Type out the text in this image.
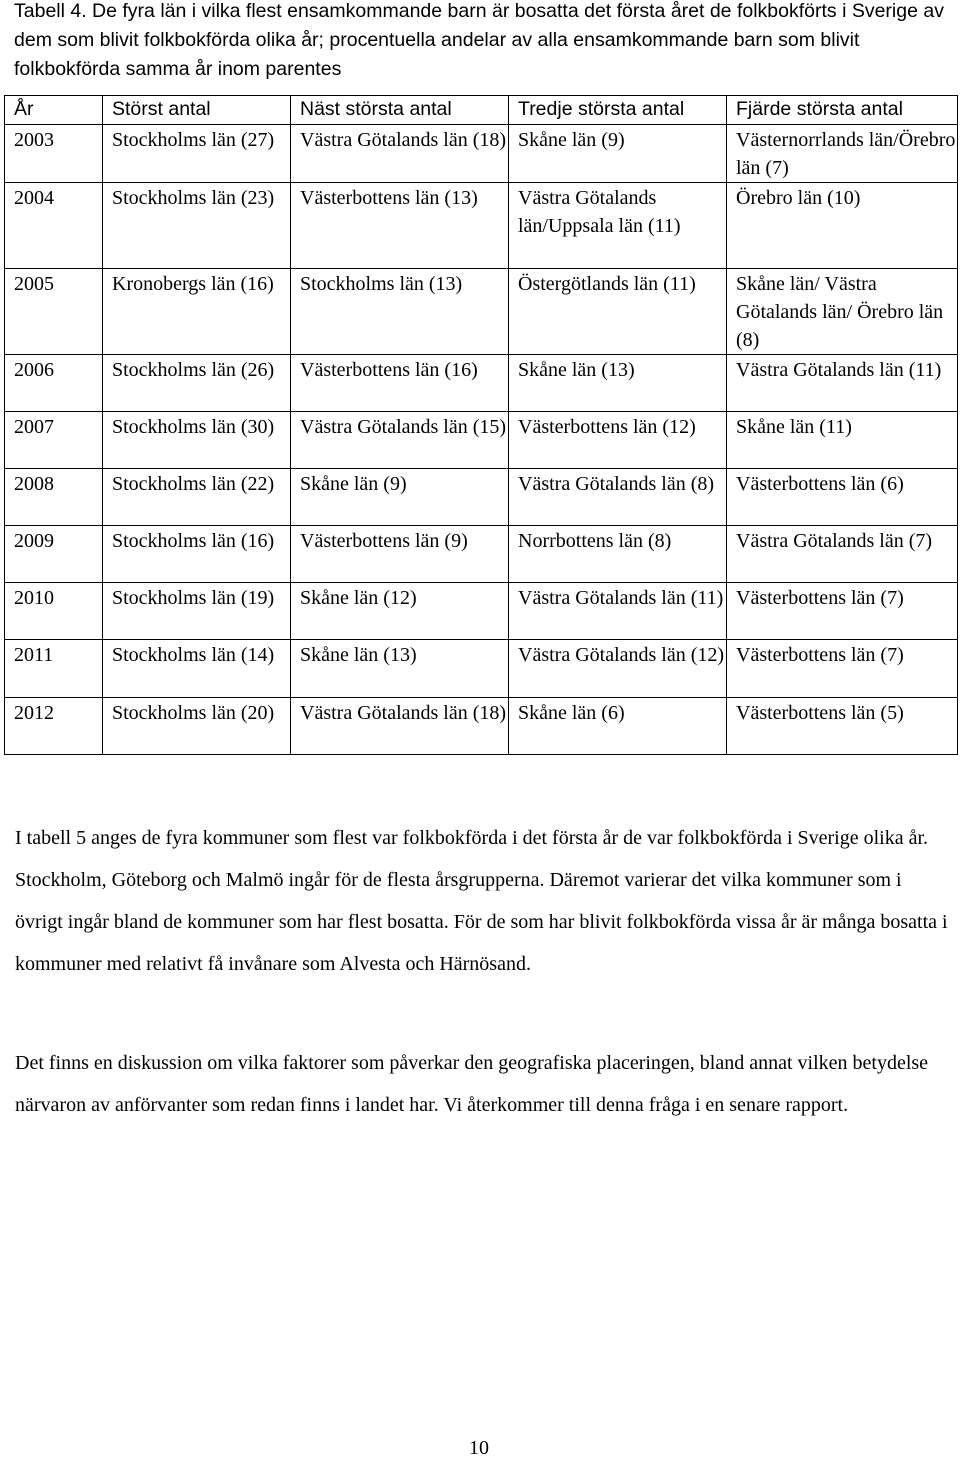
Tabell 4. De fyra län i vilka flest ensamkommande barn är bosatta det första året de folkbokförts i Sverige av dem som blivit folkbokförda olika år; procentuella andelar av alla ensamkommande barn som blivit folkbokförda samma år inom parentes
År	Störst antal	Näst största antal	Tredje största antal	Fjärde största antal
2003	Stockholms län (27)	Västra Götalands län (18)	Skåne län (9)	Västernorrlands län/Örebro län (7)
2004	Stockholms län (23)	Västerbottens län (13)	Västra Götalands län/Uppsala län (11)	Örebro län (10)
2005	Kronobergs län (16)	Stockholms län (13)	Östergötlands län (11)	Skåne län/ Västra Götalands län/ Örebro län (8)
2006	Stockholms län (26)	Västerbottens län (16)	Skåne län (13)	Västra Götalands län (11)
2007	Stockholms län (30)	Västra Götalands län (15)	Västerbottens län (12)	Skåne län (11)
2008	Stockholms län (22)	Skåne län (9)	Västra Götalands län (8)	Västerbottens län (6)
2009	Stockholms län (16)	Västerbottens län (9)	Norrbottens län (8)	Västra Götalands län (7)
2010	Stockholms län (19)	Skåne län (12)	Västra Götalands län (11)	Västerbottens län (7)
2011	Stockholms län (14)	Skåne län (13)	Västra Götalands län (12)	Västerbottens län (7)
2012	Stockholms län (20)	Västra Götalands län (18)	Skåne län (6)	Västerbottens län (5)
I tabell 5 anges de fyra kommuner som flest var folkbokförda i det första år de var folkbokförda i Sverige olika år. Stockholm, Göteborg och Malmö ingår för de flesta årsgrupperna. Däremot varierar det vilka kommuner som i övrigt ingår bland de kommuner som har flest bosatta. För de som har blivit folkbokförda vissa år är många bosatta i kommuner med relativt få invånare som Alvesta och Härnösand.
Det finns en diskussion om vilka faktorer som påverkar den geografiska placeringen, bland annat vilken betydelse närvaron av anförvanter som redan finns i landet har. Vi återkommer till denna fråga i en senare rapport.
10
